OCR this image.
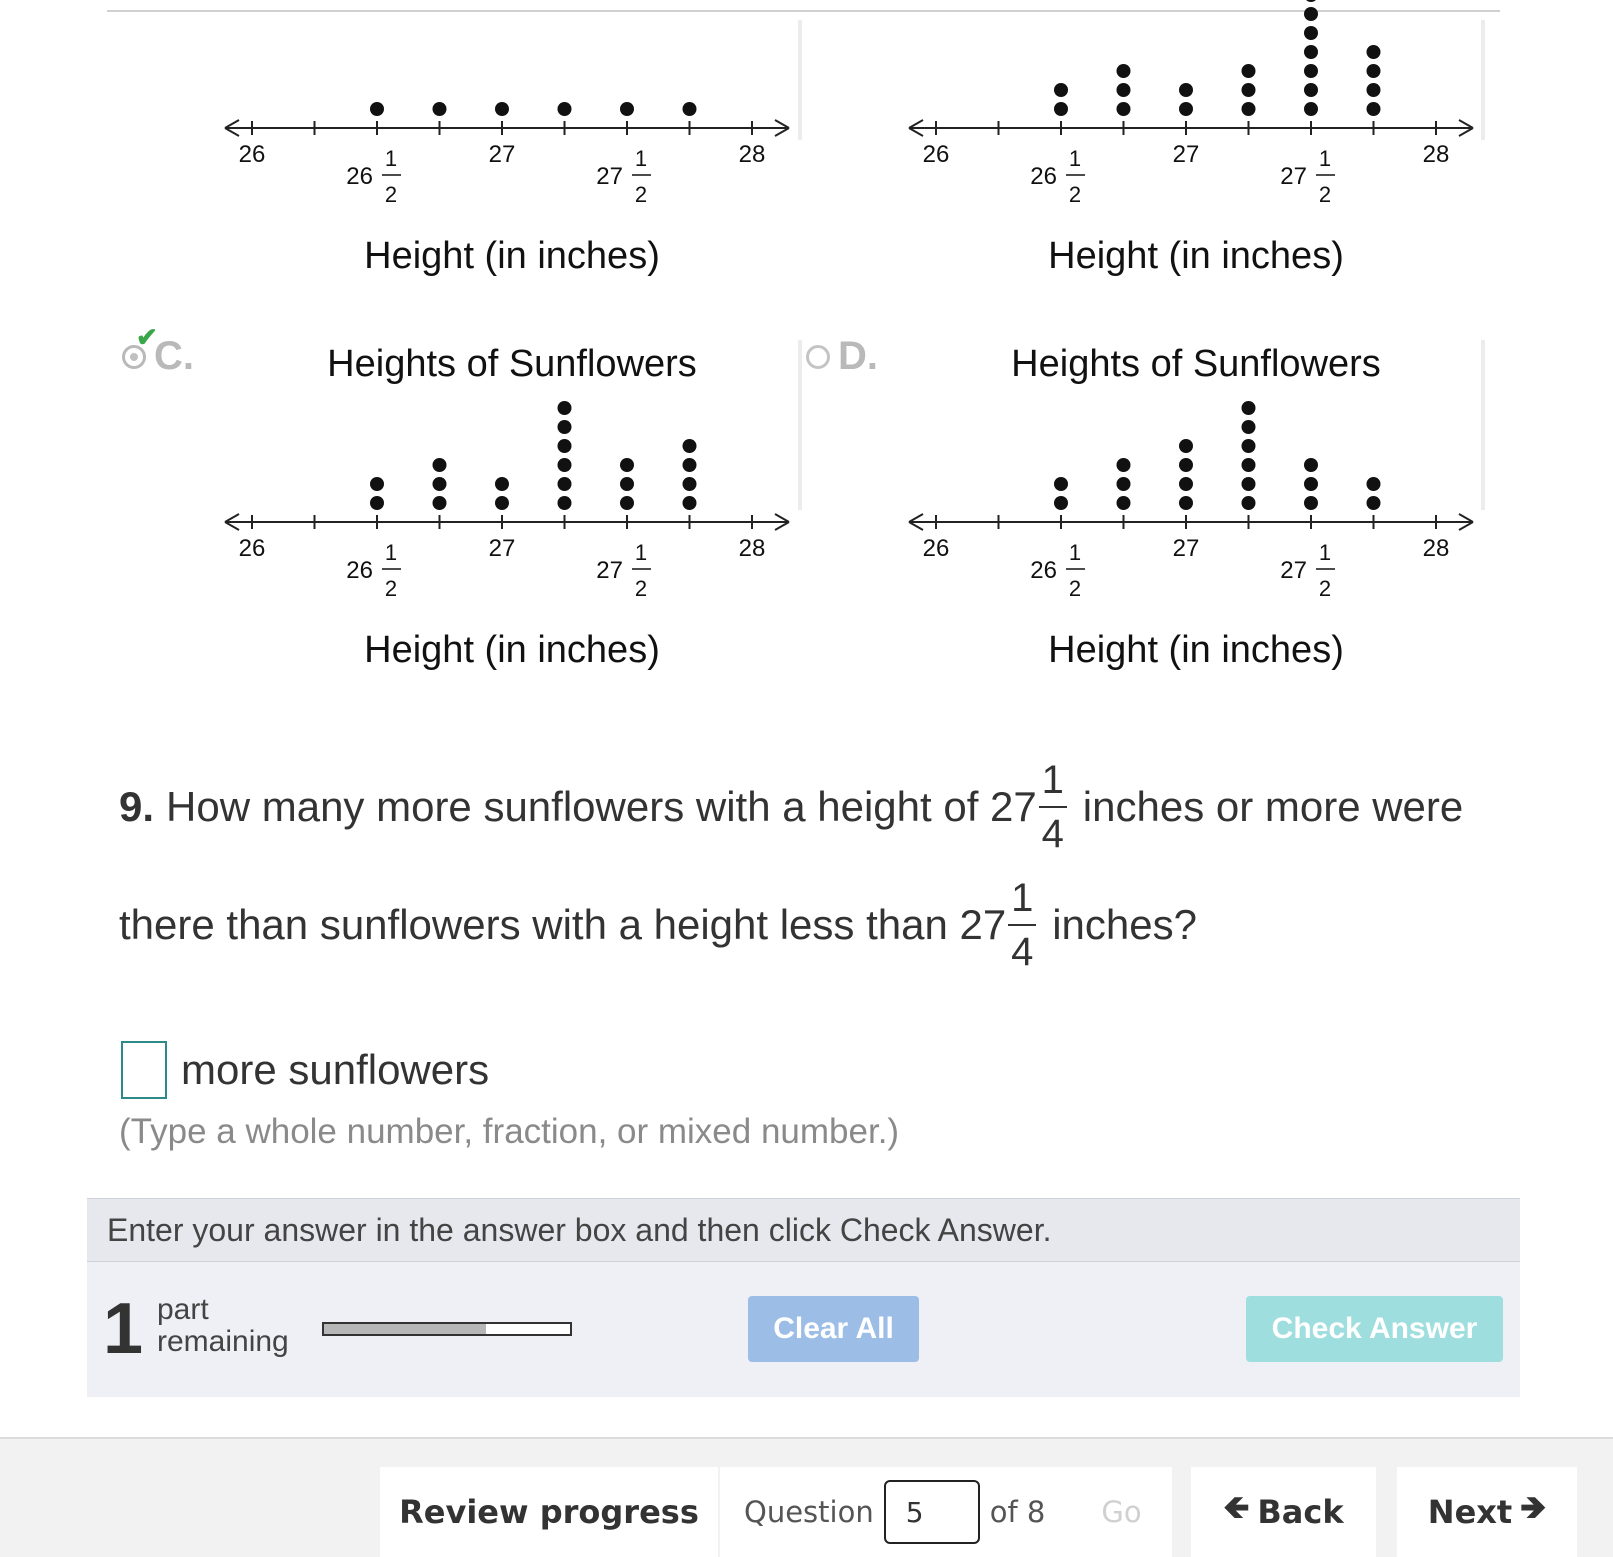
26	27	28
26
1
2
27
1
2
Height (in inches)
26	27	28
26
1
2
27
1
2
Height (in inches)
✔
C.	Heights of Sunflowers
26	27	28
26
1
2
27
1
2
Height (in inches)
D.	Heights of Sunflowers
26	27	28
26
1
2
27
1
2
Height (in inches)
9. How many more sunflowers with a height of $27 \frac{1}{4}$ inches or more were
there than sunflowers with a height less than $27 \frac{1}{4}$ inches?
more sunflowers
(Type a whole number, fraction, or mixed number.)
Enter your answer in the answer box and then click Check Answer.
1 part
remaining	Clear All	Check Answer
Review progress	Question	5	of 8 Go	🡸 Back	Next 🡺
